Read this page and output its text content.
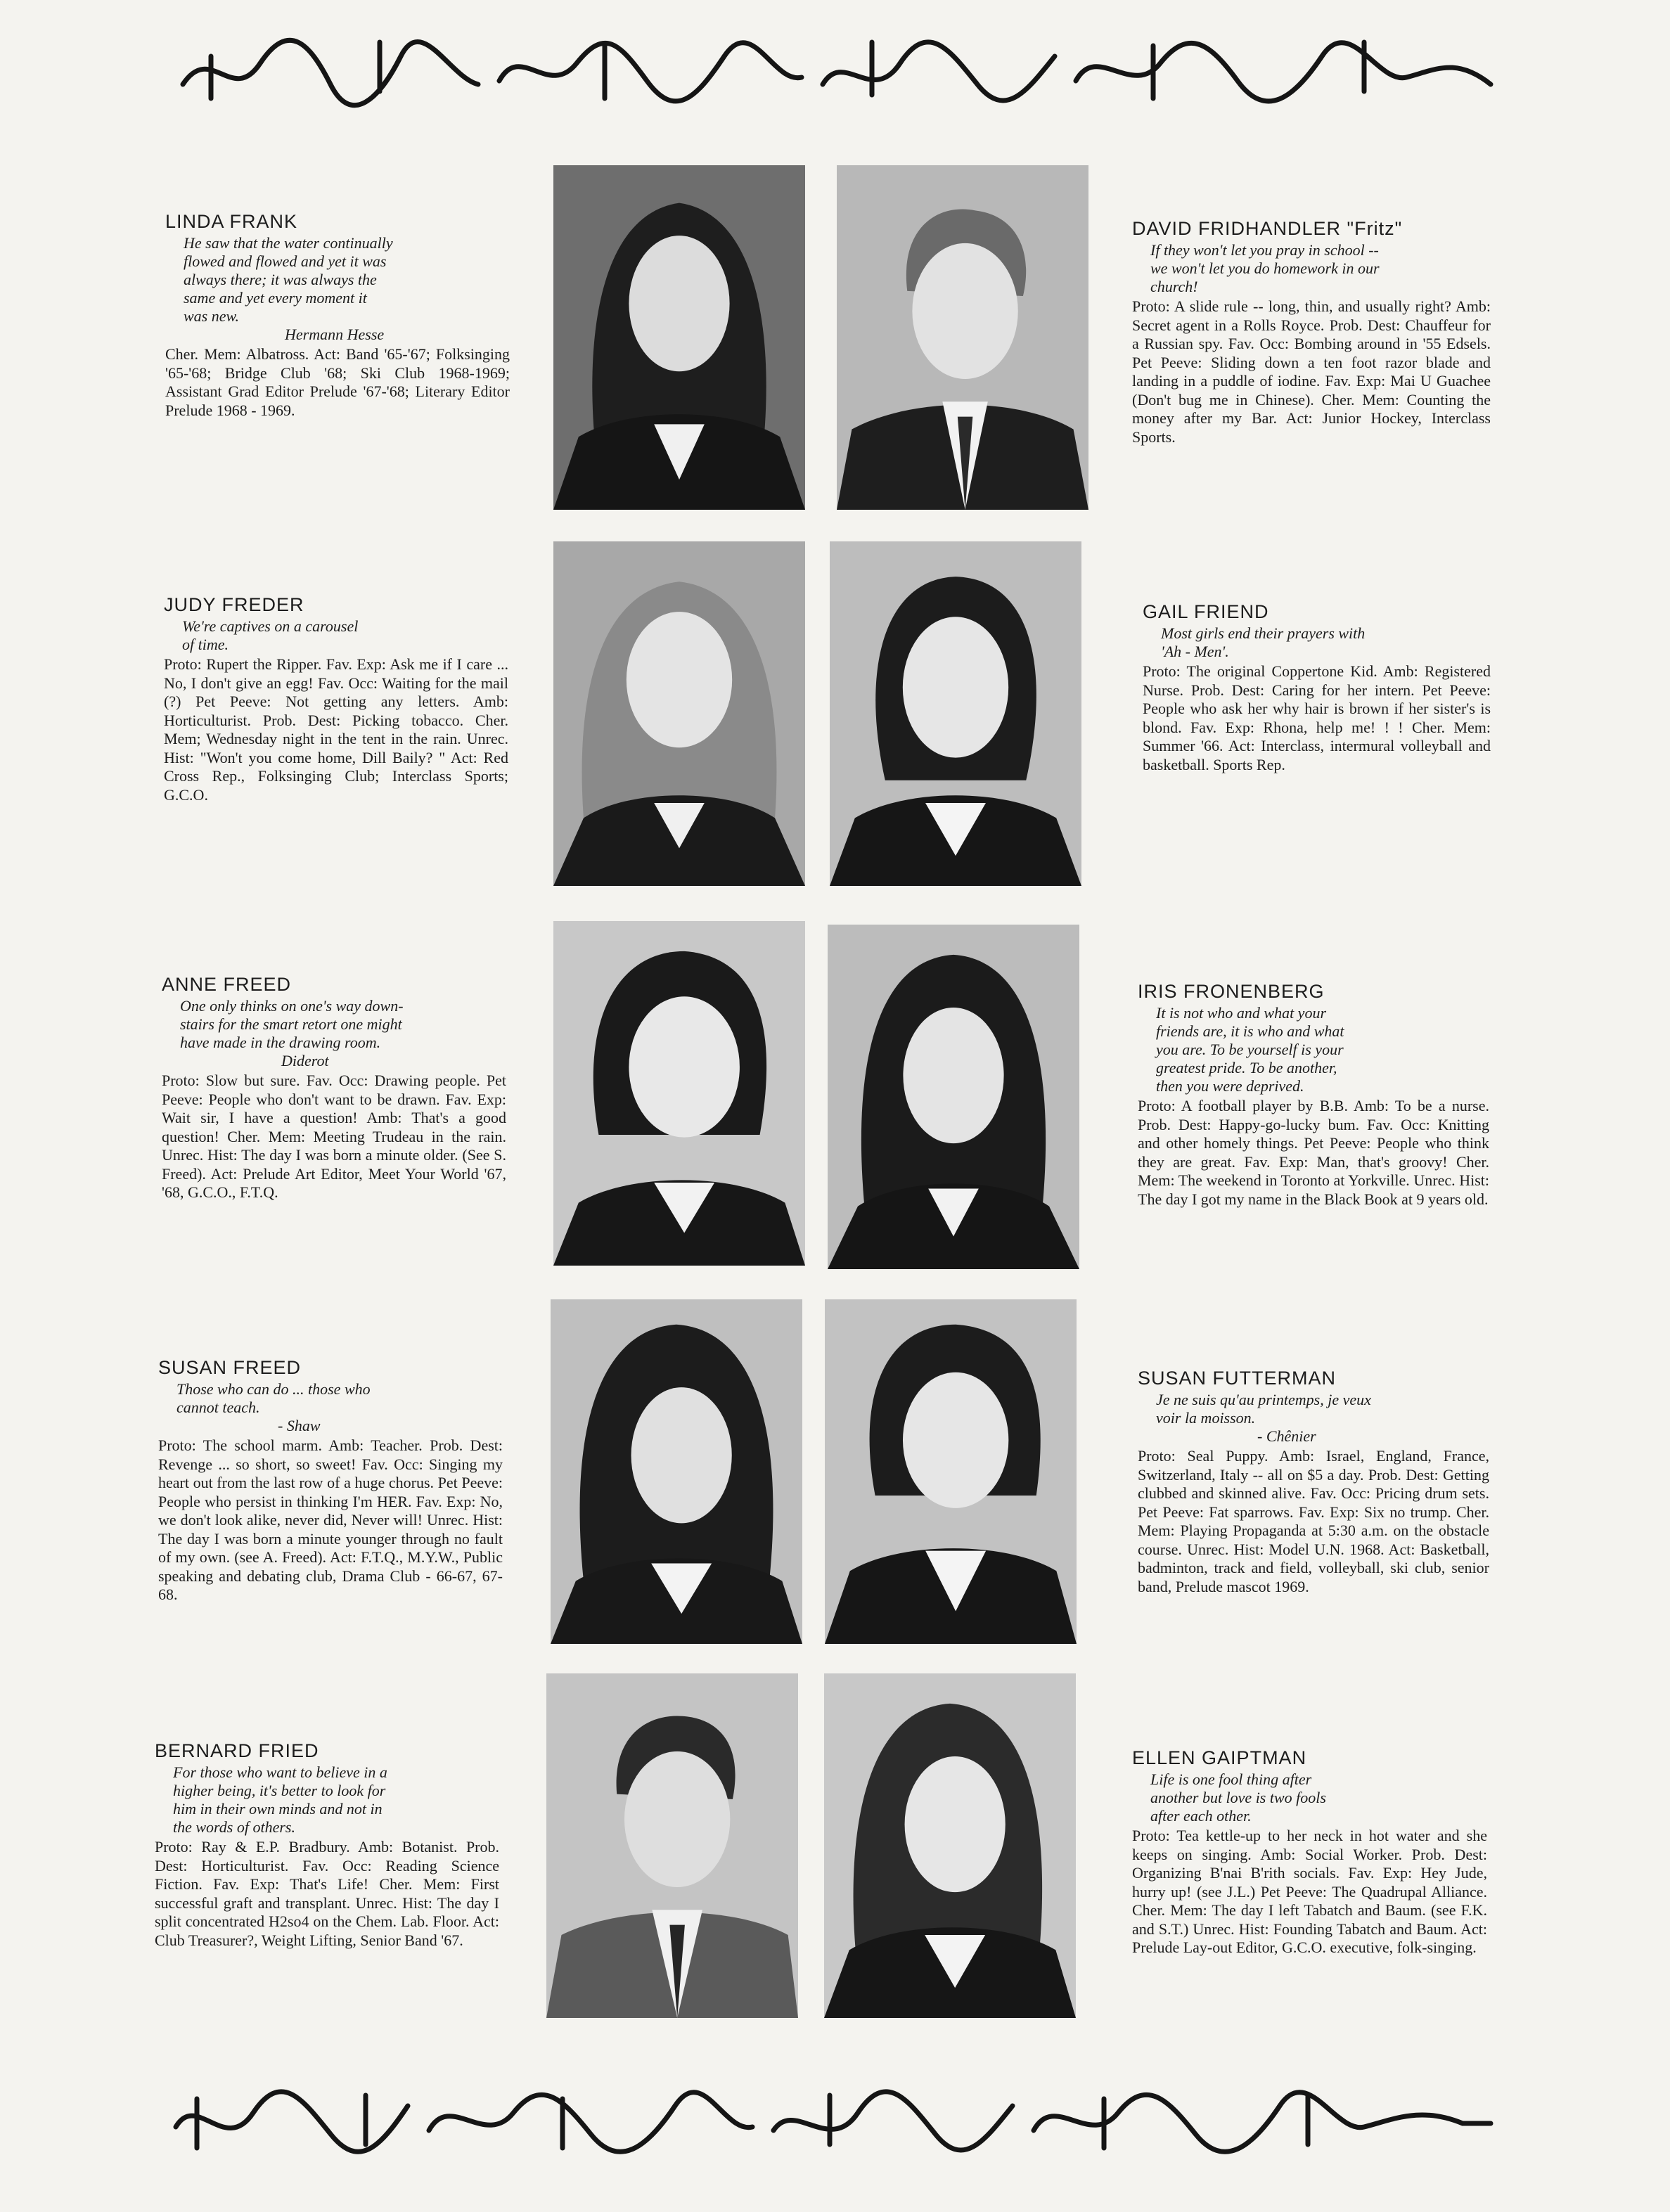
LINDA FRANK
He saw that the water continually
flowed and flowed and yet it was
always there; it was always the
same and yet every moment it
was new.
Hermann Hesse
Cher. Mem: Albatross. Act: Band '65-'67; Folksinging '65-'68; Bridge Club '68; Ski Club 1968-1969; Assistant Grad Editor Prelude '67-'68; Literary Editor Prelude 1968 - 1969.
DAVID FRIDHANDLER "Fritz"
If they won't let you pray in school --
we won't let you do homework in our
church!
Proto: A slide rule -- long, thin, and usually right? Amb: Secret agent in a Rolls Royce. Prob. Dest: Chauffeur for a Russian spy. Fav. Occ: Bombing around in '55 Edsels. Pet Peeve: Sliding down a ten foot razor blade and landing in a puddle of iodine. Fav. Exp: Mai U Guachee (Don't bug me in Chinese). Cher. Mem: Counting the money after my Bar. Act: Junior Hockey, Interclass Sports.
JUDY FREDER
We're captives on a carousel
of time.
Proto: Rupert the Ripper. Fav. Exp: Ask me if I care ... No, I don't give an egg! Fav. Occ: Waiting for the mail (?) Pet Peeve: Not getting any letters. Amb: Horticulturist. Prob. Dest: Picking tobacco. Cher. Mem; Wednesday night in the tent in the rain. Unrec. Hist: "Won't you come home, Dill Baily? " Act: Red Cross Rep., Folksinging Club; Interclass Sports; G.C.O.
GAIL FRIEND
Most girls end their prayers with
'Ah - Men'.
Proto: The original Coppertone Kid. Amb: Registered Nurse. Prob. Dest: Caring for her intern. Pet Peeve: People who ask her why hair is brown if her sister's is blond. Fav. Exp: Rhona, help me! ! ! Cher. Mem: Summer '66. Act: Interclass, intermural volleyball and basketball. Sports Rep.
ANNE FREED
One only thinks on one's way down-
stairs for the smart retort one might
have made in the drawing room.
Diderot
Proto: Slow but sure. Fav. Occ: Drawing people. Pet Peeve: People who don't want to be drawn. Fav. Exp: Wait sir, I have a question! Amb: That's a good question! Cher. Mem: Meeting Trudeau in the rain. Unrec. Hist: The day I was born a minute older. (See S. Freed). Act: Prelude Art Editor, Meet Your World '67, '68, G.C.O., F.T.Q.
IRIS FRONENBERG
It is not who and what your
friends are, it is who and what
you are. To be yourself is your
greatest pride. To be another,
then you were deprived.
Proto: A football player by B.B. Amb: To be a nurse. Prob. Dest: Happy-go-lucky bum. Fav. Occ: Knitting and other homely things. Pet Peeve: People who think they are great. Fav. Exp: Man, that's groovy! Cher. Mem: The weekend in Toronto at Yorkville. Unrec. Hist: The day I got my name in the Black Book at 9 years old.
SUSAN FREED
Those who can do ... those who
cannot teach.
- Shaw
Proto: The school marm. Amb: Teacher. Prob. Dest: Revenge ... so short, so sweet! Fav. Occ: Singing my heart out from the last row of a huge chorus. Pet Peeve: People who persist in thinking I'm HER. Fav. Exp: No, we don't look alike, never did, Never will! Unrec. Hist: The day I was born a minute younger through no fault of my own. (see A. Freed). Act: F.T.Q., M.Y.W., Public speaking and debating club, Drama Club - 66-67, 67-68.
SUSAN FUTTERMAN
Je ne suis qu'au printemps, je veux
voir la moisson.
- Chênier
Proto: Seal Puppy. Amb: Israel, England, France, Switzerland, Italy -- all on $5 a day. Prob. Dest: Getting clubbed and skinned alive. Fav. Occ: Pricing drum sets. Pet Peeve: Fat sparrows. Fav. Exp: Six no trump. Cher. Mem: Playing Propaganda at 5:30 a.m. on the obstacle course. Unrec. Hist: Model U.N. 1968. Act: Basketball, badminton, track and field, volleyball, ski club, senior band, Prelude mascot 1969.
BERNARD FRIED
For those who want to believe in a
higher being, it's better to look for
him in their own minds and not in
the words of others.
Proto: Ray & E.P. Bradbury. Amb: Botanist. Prob. Dest: Horticulturist. Fav. Occ: Reading Science Fiction. Fav. Exp: That's Life! Cher. Mem: First successful graft and transplant. Unrec. Hist: The day I split concentrated H2so4 on the Chem. Lab. Floor. Act: Club Treasurer?, Weight Lifting, Senior Band '67.
ELLEN GAIPTMAN
Life is one fool thing after
another but love is two fools
after each other.
Proto: Tea kettle-up to her neck in hot water and she keeps on singing. Amb: Social Worker. Prob. Dest: Organizing B'nai B'rith socials. Fav. Exp: Hey Jude, hurry up! (see J.L.) Pet Peeve: The Quadrupal Alliance. Cher. Mem: The day I left Tabatch and Baum. (see F.K. and S.T.) Unrec. Hist: Founding Tabatch and Baum. Act: Prelude Lay-out Editor, G.C.O. executive, folk-singing.
